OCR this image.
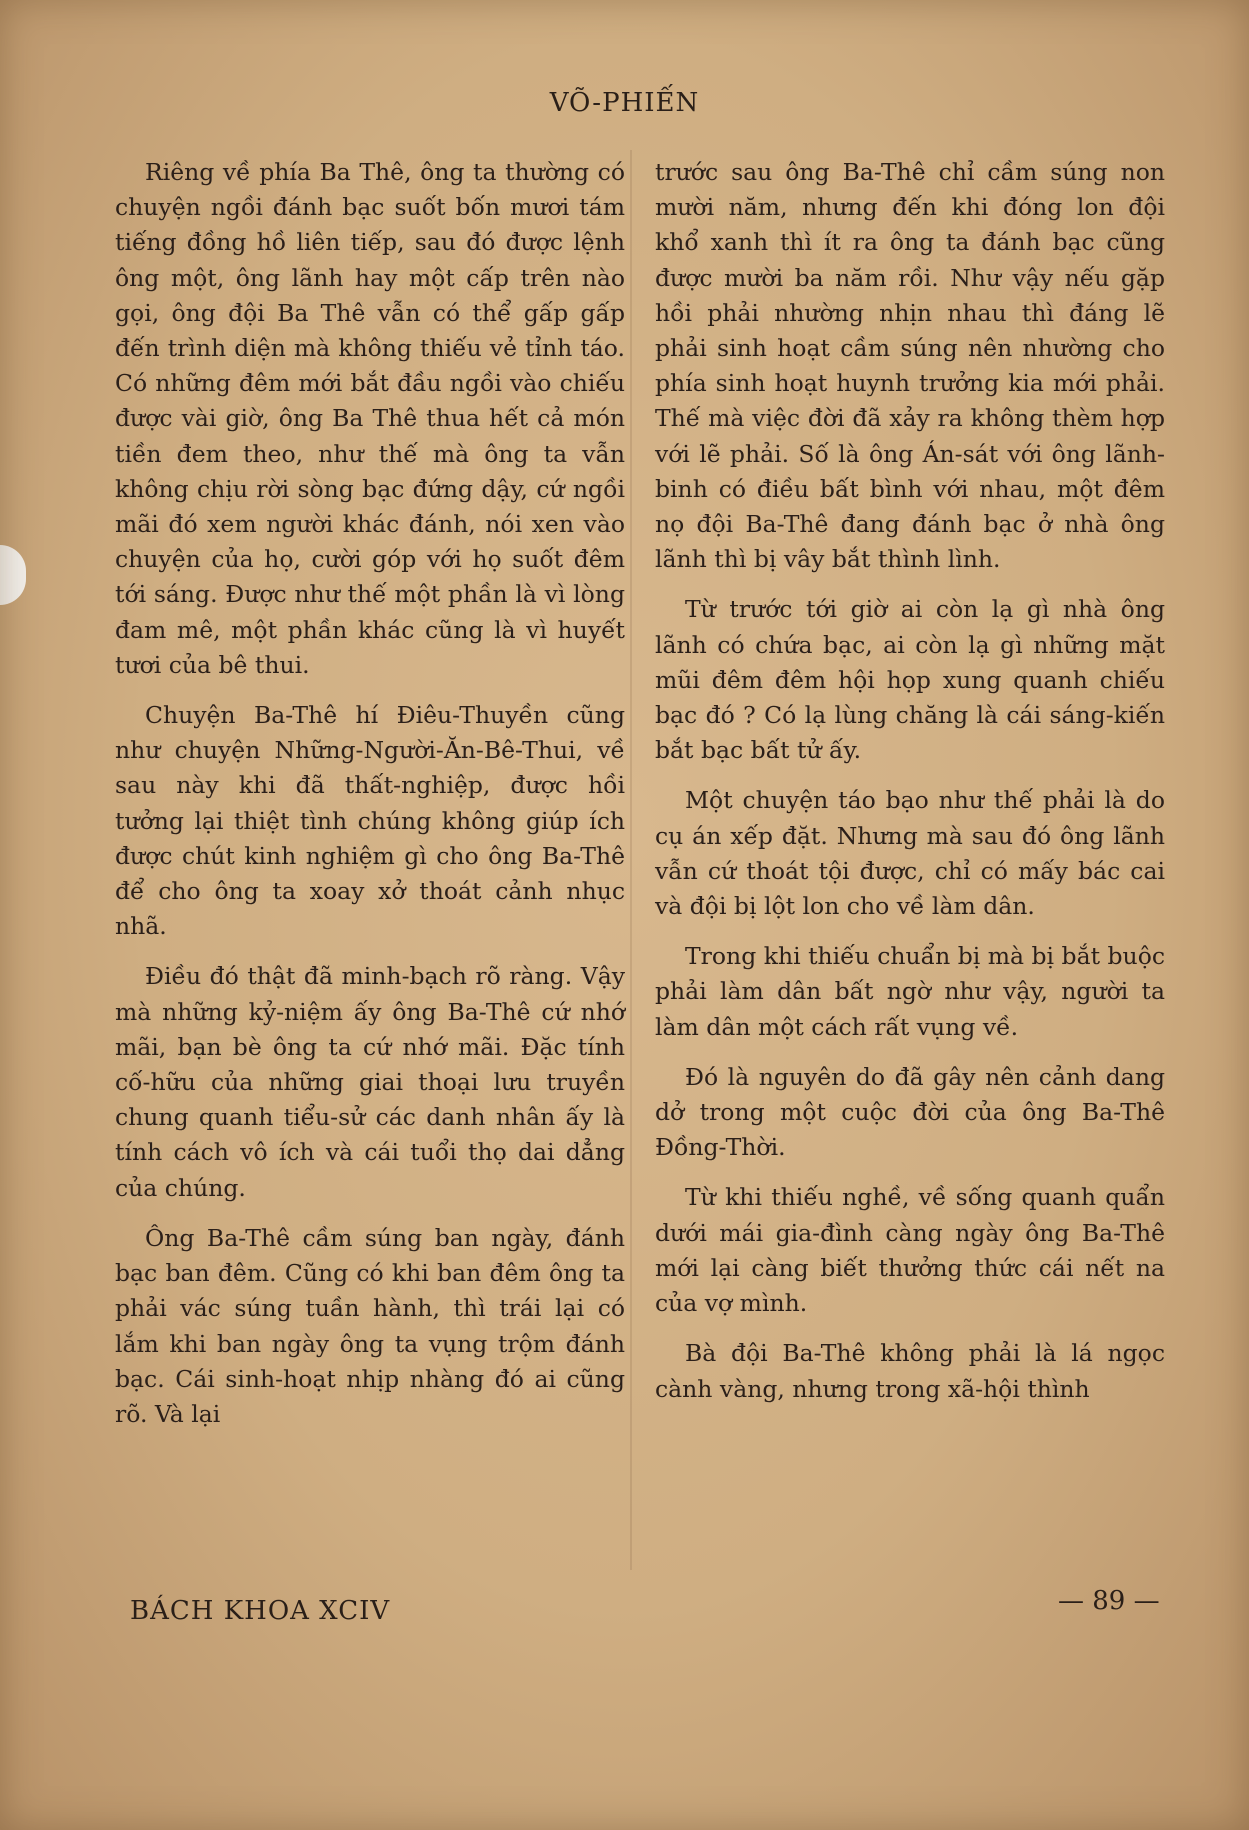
VÕ-PHIẾN

Riêng về phía Ba Thê, ông ta thường có chuyện ngồi đánh bạc suốt bốn mươi tám tiếng đồng hồ liên tiếp, sau đó được lệnh ông một, ông lãnh hay một cấp trên nào gọi, ông đội Ba Thê vẫn có thể gấp gấp đến trình diện mà không thiếu vẻ tỉnh táo. Có những đêm mới bắt đầu ngồi vào chiếu được vài giờ, ông Ba Thê thua hết cả món tiền đem theo, như thế mà ông ta vẫn không chịu rời sòng bạc đứng dậy, cứ ngồi mãi đó xem người khác đánh, nói xen vào chuyện của họ, cười góp với họ suốt đêm tới sáng. Được như thế một phần là vì lòng đam mê, một phần khác cũng là vì huyết tươi của bê thui.

Chuyện Ba-Thê hí Điêu-Thuyền cũng như chuyện Những-Người-Ăn-Bê-Thui, về sau này khi đã thất-nghiệp, được hồi tưởng lại thiệt tình chúng không giúp ích được chút kinh nghiệm gì cho ông Ba-Thê để cho ông ta xoay xở thoát cảnh nhục nhã.

Điều đó thật đã minh-bạch rõ ràng. Vậy mà những kỷ-niệm ấy ông Ba-Thê cứ nhớ mãi, bạn bè ông ta cứ nhớ mãi. Đặc tính cố-hữu của những giai thoại lưu truyền chung quanh tiểu-sử các danh nhân ấy là tính cách vô ích và cái tuổi thọ dai dẳng của chúng.

Ông Ba-Thê cầm súng ban ngày, đánh bạc ban đêm. Cũng có khi ban đêm ông ta phải vác súng tuần hành, thì trái lại có lắm khi ban ngày ông ta vụng trộm đánh bạc. Cái sinh-hoạt nhịp nhàng đó ai cũng rõ. Và lại

trước sau ông Ba-Thê chỉ cầm súng non mười năm, nhưng đến khi đóng lon đội khổ xanh thì ít ra ông ta đánh bạc cũng được mười ba năm rồi. Như vậy nếu gặp hồi phải nhường nhịn nhau thì đáng lẽ phải sinh hoạt cầm súng nên nhường cho phía sinh hoạt huynh trưởng kia mới phải. Thế mà việc đời đã xảy ra không thèm hợp với lẽ phải. Số là ông Án-sát với ông lãnh-binh có điều bất bình với nhau, một đêm nọ đội Ba-Thê đang đánh bạc ở nhà ông lãnh thì bị vây bắt thình lình.

Từ trước tới giờ ai còn lạ gì nhà ông lãnh có chứa bạc, ai còn lạ gì những mặt mũi đêm đêm hội họp xung quanh chiếu bạc đó ? Có lạ lùng chăng là cái sáng-kiến bắt bạc bất tử ấy.

Một chuyện táo bạo như thế phải là do cụ án xếp đặt. Nhưng mà sau đó ông lãnh vẫn cứ thoát tội được, chỉ có mấy bác cai và đội bị lột lon cho về làm dân.

Trong khi thiếu chuẩn bị mà bị bắt buộc phải làm dân bất ngờ như vậy, người ta làm dân một cách rất vụng về.

Đó là nguyên do đã gây nên cảnh dang dở trong một cuộc đời của ông Ba-Thê Đồng-Thời.

Từ khi thiếu nghề, về sống quanh quẩn dưới mái gia-đình càng ngày ông Ba-Thê mới lại càng biết thưởng thức cái nết na của vợ mình.

Bà đội Ba-Thê không phải là lá ngọc cành vàng, nhưng trong xã-hội thình

BÁCH KHOA XCIV	— 89 —
